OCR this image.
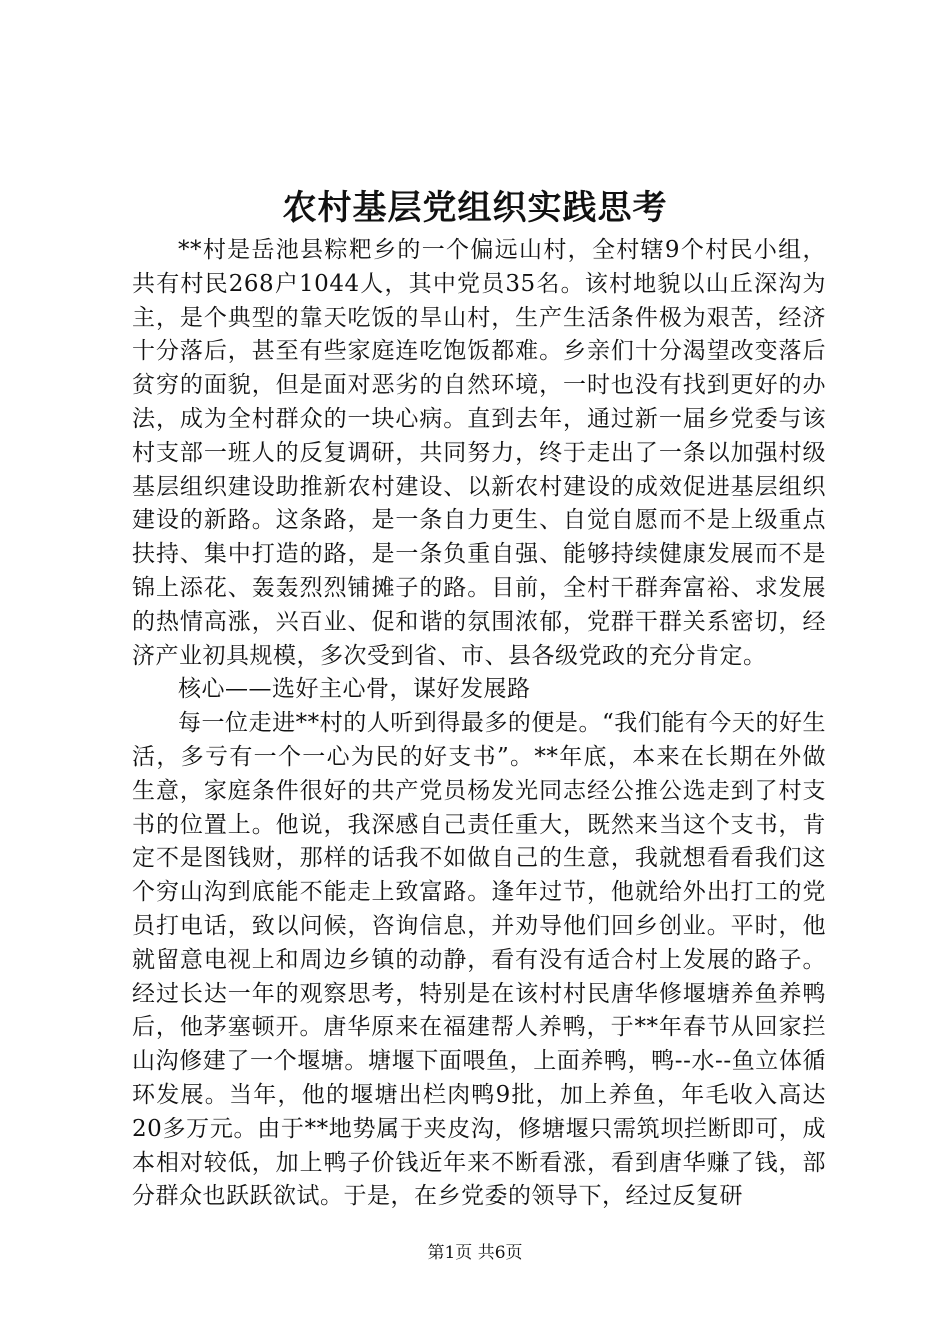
农村基层党组织实践思考

**村是岳池县粽粑乡的一个偏远山村，全村辖9个村民小组，共有村民268户1044人，其中党员35名。该村地貌以山丘深沟为主，是个典型的靠天吃饭的旱山村，生产生活条件极为艰苦，经济十分落后，甚至有些家庭连吃饱饭都难。乡亲们十分渴望改变落后贫穷的面貌，但是面对恶劣的自然环境，一时也没有找到更好的办法，成为全村群众的一块心病。直到去年，通过新一届乡党委与该村支部一班人的反复调研，共同努力，终于走出了一条以加强村级基层组织建设助推新农村建设、以新农村建设的成效促进基层组织建设的新路。这条路，是一条自力更生、自觉自愿而不是上级重点扶持、集中打造的路，是一条负重自强、能够持续健康发展而不是锦上添花、轰轰烈烈铺摊子的路。目前，全村干群奔富裕、求发展的热情高涨，兴百业、促和谐的氛围浓郁，党群干群关系密切，经济产业初具规模，多次受到省、市、县各级党政的充分肯定。

核心——选好主心骨，谋好发展路

每一位走进**村的人听到得最多的便是。“我们能有今天的好生活，多亏有一个一心为民的好支书”。**年底，本来在长期在外做生意，家庭条件很好的共产党员杨发光同志经公推公选走到了村支书的位置上。他说，我深感自己责任重大，既然来当这个支书，肯定不是图钱财，那样的话我不如做自己的生意，我就想看看我们这个穷山沟到底能不能走上致富路。逢年过节，他就给外出打工的党员打电话，致以问候，咨询信息，并劝导他们回乡创业。平时，他就留意电视上和周边乡镇的动静，看有没有适合村上发展的路子。经过长达一年的观察思考，特别是在该村村民唐华修堰塘养鱼养鸭后，他茅塞顿开。唐华原来在福建帮人养鸭，于**年春节从回家拦山沟修建了一个堰塘。塘堰下面喂鱼，上面养鸭，鸭--水--鱼立体循环发展。当年，他的堰塘出栏肉鸭9批，加上养鱼，年毛收入高达20多万元。由于**地势属于夹皮沟，修塘堰只需筑坝拦断即可，成本相对较低，加上鸭子价钱近年来不断看涨，看到唐华赚了钱，部分群众也跃跃欲试。于是，在乡党委的领导下，经过反复研

第1页 共6页
